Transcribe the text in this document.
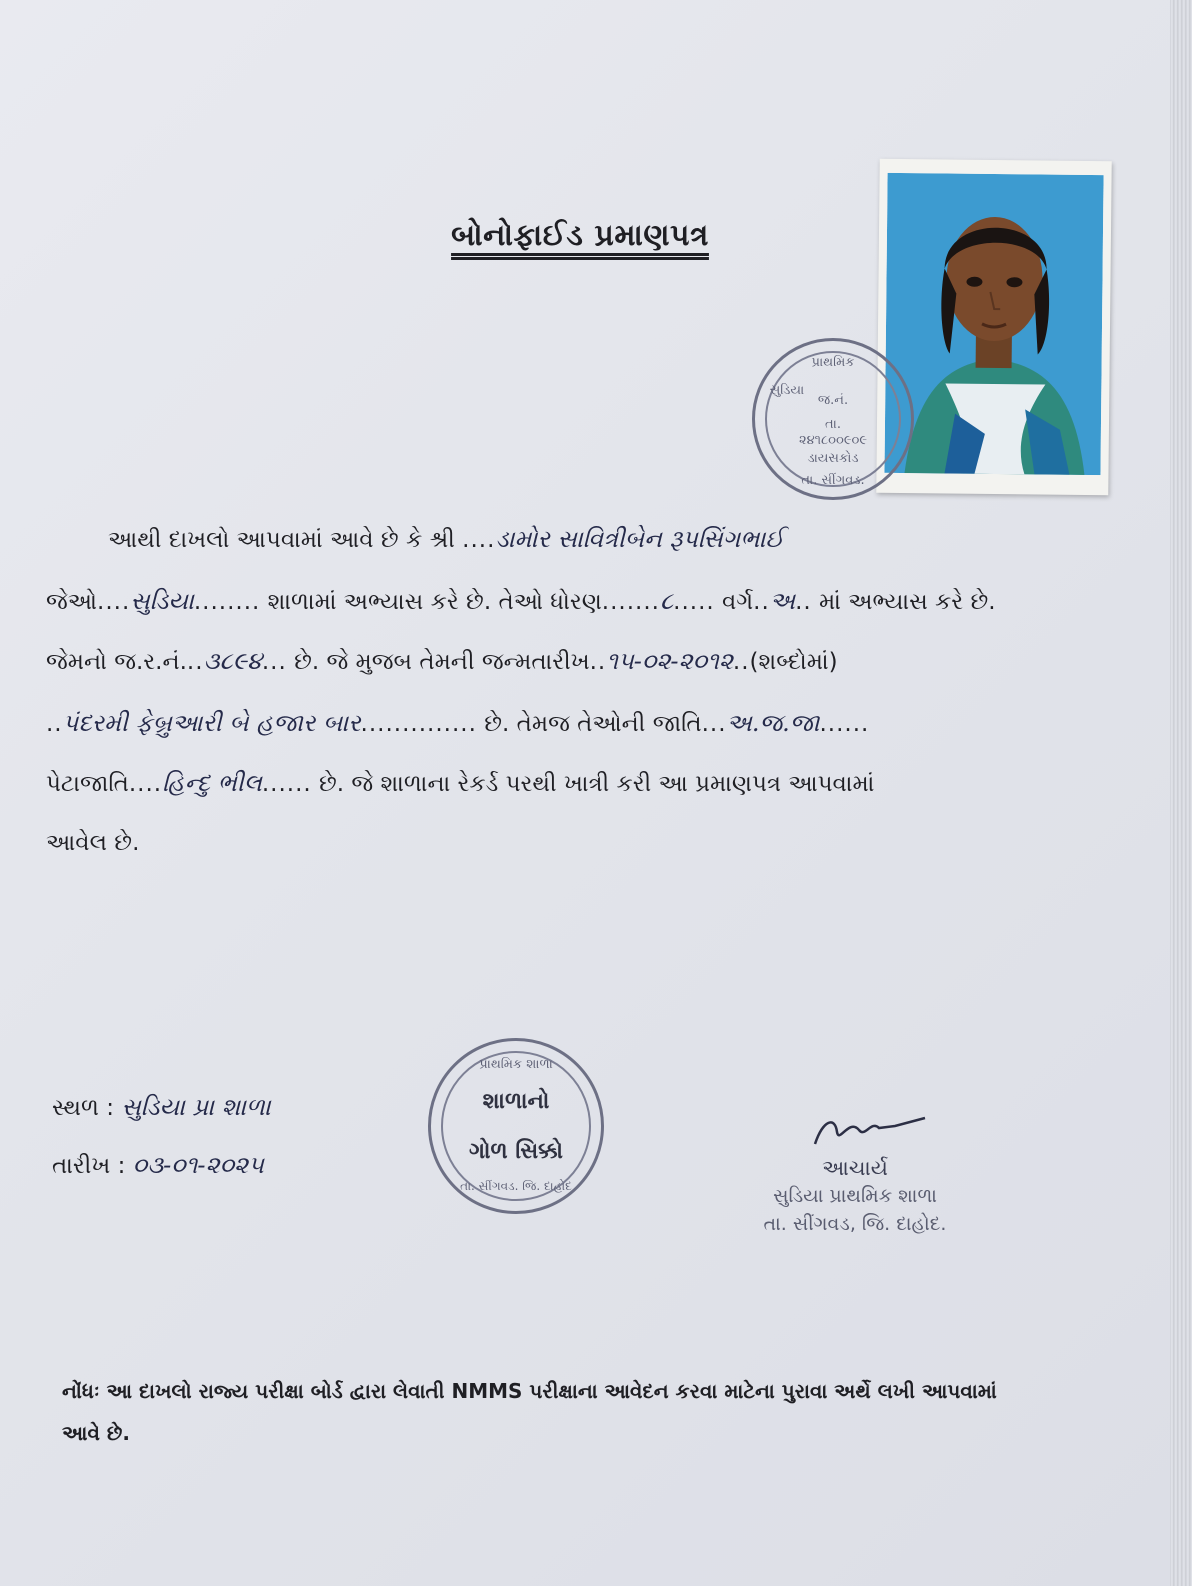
બોનોફાઈડ પ્રમાણપત્ર
પ્રાથમિક
સુડિયા
જ.નં.
તા.
૨૪૧૮૦૦૯૦૯
ડાયસકોડ
તા. સીંગવડ.
આથી દાખલો આપવામાં આવે છે કે શ્રી ....ડામોર સાવિત્રીબેન રૂપસિંગભાઈ
જેઓ....સુડિયા........ શાળામાં અભ્યાસ કરે છે. તેઓ ધોરણ.......૮..... વર્ગ..અ.. માં અભ્યાસ કરે છે.
જેમનો જ.ર.નં...૩૮૯૪... છે. જે મુજબ તેમની જન્મતારીખ..૧૫-૦૨-૨૦૧૨..(શબ્દોમાં)
..પંદરમી ફેબ્રુઆરી બે હજાર બાર.............. છે. તેમજ તેઓની જાતિ...અ.જ.જા......
પેટાજાતિ....હિન્દુ ભીલ...... છે. જે શાળાના રેકર્ડ પરથી ખાત્રી કરી આ પ્રમાણપત્ર આપવામાં
આવેલ છે.
સ્થળ : સુડિયા પ્રા શાળા
તારીખ : ૦૩-૦૧-૨૦૨૫
પ્રાથમિક શાળા
શાળાનો
ગોળ સિક્કો
તા. સીંગવડ. જિ. દાહોદ
આચાર્ય
સુડિયા પ્રાથમિક શાળા
તા. સીંગવડ, જિ. દાહોદ.
નોંધઃ આ દાખલો રાજ્ય પરીક્ષા બોર્ડ દ્વારા લેવાતી NMMS પરીક્ષાના આવેદન કરવા માટેના પુરાવા અર્થે લખી આપવામાં આવે છે.
